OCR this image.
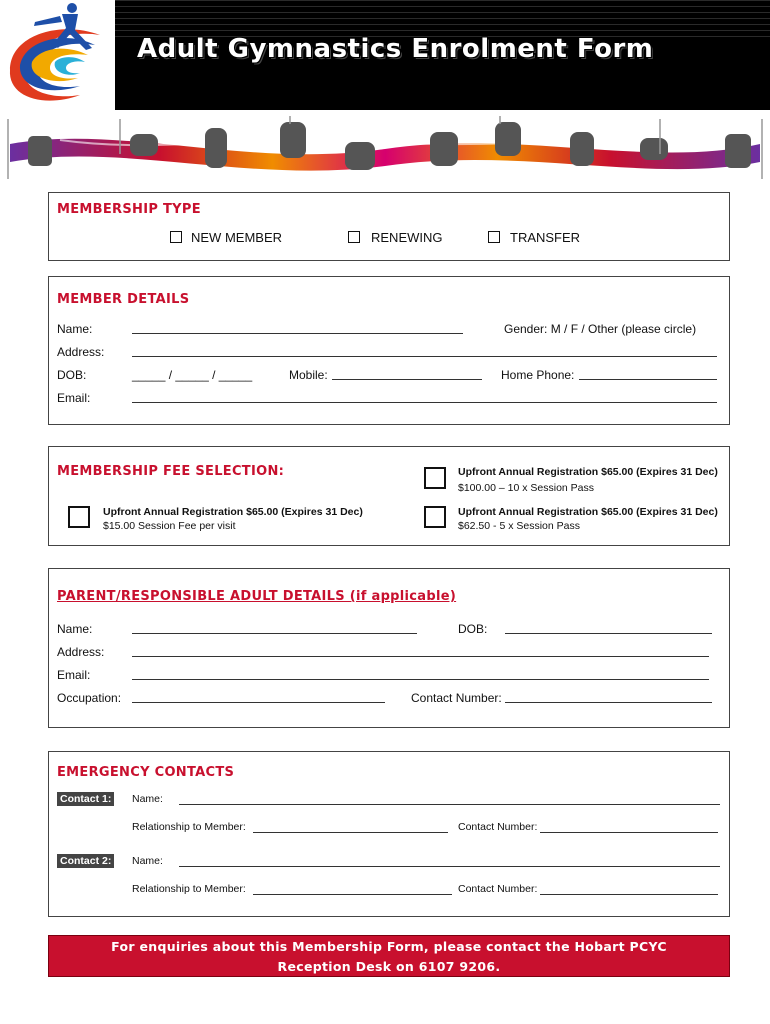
Adult Gymnastics Enrolment Form
MEMBERSHIP TYPE
NEW MEMBER	RENEWING	TRANSFER
MEMBER DETAILS
Name:	Gender: M / F / Other (please circle)
Address:
DOB:	_____ / _____ / _____	Mobile:	Home Phone:
Email:
MEMBERSHIP FEE SELECTION:	Upfront Annual Registration $65.00 (Expires 31 Dec)
$100.00 – 10 x Session Pass
Upfront Annual Registration $65.00 (Expires 31 Dec)
$15.00 Session Fee per visit
Upfront Annual Registration $65.00 (Expires 31 Dec)
$62.50 - 5 x Session Pass
PARENT/RESPONSIBLE ADULT DETAILS (if applicable)
Name:	DOB:
Address:
Email:
Occupation:	Contact Number:
EMERGENCY CONTACTS
Contact 1: Name:
Relationship to Member:	Contact Number:
Contact 2: Name:
Relationship to Member:	Contact Number:
For enquiries about this Membership Form, please contact the Hobart PCYC
Reception Desk on 6107 9206.
